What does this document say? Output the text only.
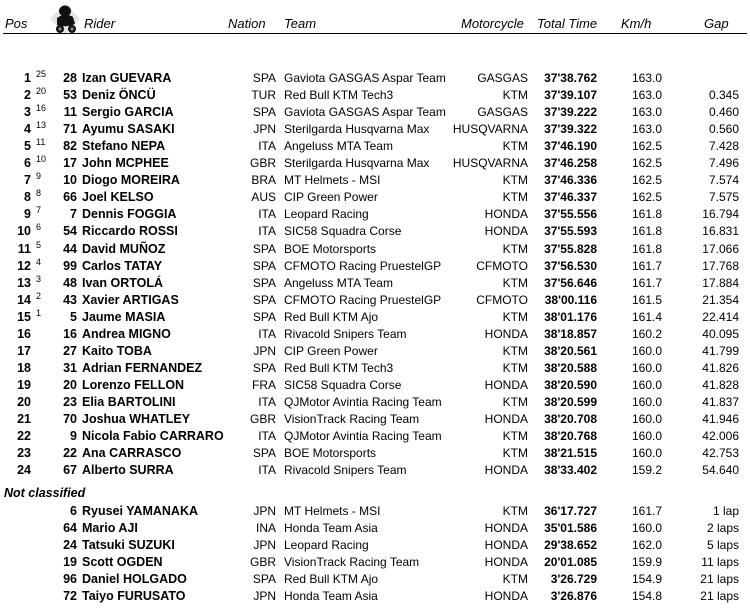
Pos	Rider	Nation Team	Motorcycle Total Time Km/h	Gap
1 25 28 Izan GUEVARA	SPA Gaviota GASGAS Aspar Team	GASGAS 37'38.762	163.0
2 20 53 Deniz ÖNCÜ	TUR Red Bull KTM Tech3	KTM 37'39.107	163.0	0.345
3 16 11 Sergio GARCIA	SPA Gaviota GASGAS Aspar Team	GASGAS 37'39.222	163.0	0.460
4 13 71 Ayumu SASAKI	JPN Sterilgarda Husqvarna Max HUSQVARNA 37'39.322	163.0	0.560
5 11 82 Stefano NEPA	ITA Angeluss MTA Team	KTM 37'46.190	162.5	7.428
6 10 17 John MCPHEE	GBR Sterilgarda Husqvarna Max HUSQVARNA 37'46.258	162.5	7.496
7 9 10 Diogo MOREIRA	BRA MT Helmets - MSI	KTM 37'46.336	162.5	7.574
8 8 66 Joel KELSO	AUS CIP Green Power	KTM 37'46.337	162.5	7.575
9 7 7 Dennis FOGGIA	ITA Leopard Racing	HONDA 37'55.556	161.8	16.794
10 6 54 Riccardo ROSSI	ITA SIC58 Squadra Corse	HONDA 37'55.593	161.8	16.831
11 5 44 David MUÑOZ	SPA BOE Motorsports	KTM 37'55.828	161.8	17.066
12 4 99 Carlos TATAY	SPA CFMOTO Racing PruestelGP	CFMOTO 37'56.530	161.7	17.768
13 3 48 Ivan ORTOLÁ	SPA Angeluss MTA Team	KTM 37'56.646	161.7	17.884
14 2 43 Xavier ARTIGAS	SPA CFMOTO Racing PruestelGP	CFMOTO 38'00.116	161.5	21.354
15 1 5 Jaume MASIA	SPA Red Bull KTM Ajo	KTM 38'01.176	161.4	22.414
16	16 Andrea MIGNO	ITA Rivacold Snipers Team	HONDA 38'18.857	160.2	40.095
17	27 Kaito TOBA	JPN CIP Green Power	KTM 38'20.561	160.0	41.799
18	31 Adrian FERNANDEZ	SPA Red Bull KTM Tech3	KTM 38'20.588	160.0	41.826
19	20 Lorenzo FELLON	FRA SIC58 Squadra Corse	HONDA 38'20.590	160.0	41.828
20	23 Elia BARTOLINI	ITA QJMotor Avintia Racing Team	KTM 38'20.599	160.0	41.837
21	70 Joshua WHATLEY	GBR VisionTrack Racing Team	HONDA 38'20.708	160.0	41.946
22	9 Nicola Fabio CARRARO	ITA QJMotor Avintia Racing Team	KTM 38'20.768	160.0	42.006
23	22 Ana CARRASCO	SPA BOE Motorsports	KTM 38'21.515	160.0	42.753
24	67 Alberto SURRA	ITA Rivacold Snipers Team	HONDA 38'33.402	159.2	54.640
6 Ryusei YAMANAKA	JPN MT Helmets - MSI	KTM 36'17.727	161.7	1 lap
64 Mario AJI	INA Honda Team Asia	HONDA 35'01.586	160.0	2 laps
24 Tatsuki SUZUKI	JPN Leopard Racing	HONDA 29'38.652	162.0	5 laps
19 Scott OGDEN	GBR VisionTrack Racing Team	HONDA 20'01.085	159.9	11 laps
96 Daniel HOLGADO	SPA Red Bull KTM Ajo	KTM 3'26.729	154.9	21 laps
72 Taiyo FURUSATO	JPN Honda Team Asia	HONDA 3'26.876	154.8	21 laps
Not classified
